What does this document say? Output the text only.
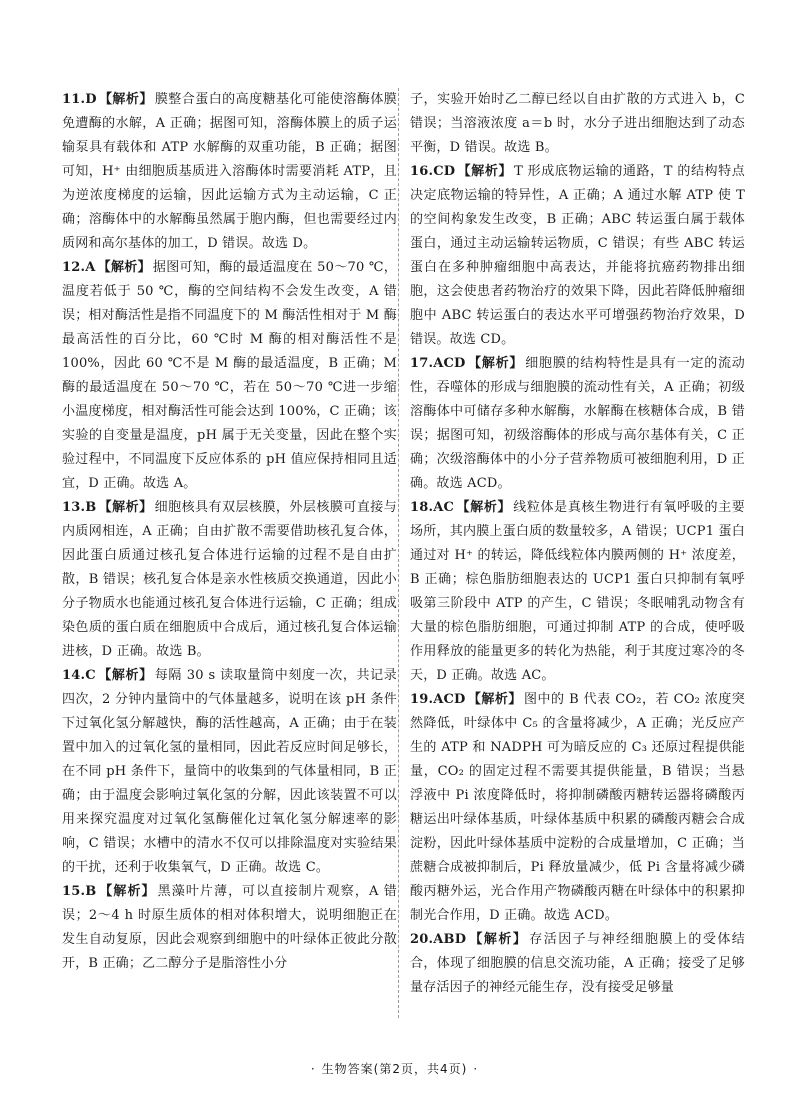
11.D 【解析】 膜整合蛋白的高度糖基化可能使溶酶体膜免遭酶的水解，A 正确；据图可知，溶酶体膜上的质子运输泵具有载体和 ATP 水解酶的双重功能，B 正确；据图可知，H⁺ 由细胞质基质进入溶酶体时需要消耗 ATP，且为逆浓度梯度的运输，因此运输方式为主动运输，C 正确；溶酶体中的水解酶虽然属于胞内酶，但也需要经过内质网和高尔基体的加工，D 错误。故选 D。

12.A 【解析】 据图可知，酶的最适温度在 50～70 ℃，温度若低于 50 ℃，酶的空间结构不会发生改变，A 错误；相对酶活性是指不同温度下的 M 酶活性相对于 M 酶最高活性的百分比，60 ℃时 M 酶的相对酶活性不是 100%，因此 60 ℃不是 M 酶的最适温度，B 正确；M 酶的最适温度在 50～70 ℃，若在 50～70 ℃进一步缩小温度梯度，相对酶活性可能会达到 100%，C 正确；该实验的自变量是温度，pH 属于无关变量，因此在整个实验过程中，不同温度下反应体系的 pH 值应保持相同且适宜，D 正确。故选 A。

13.B 【解析】 细胞核具有双层核膜，外层核膜可直接与内质网相连，A 正确；自由扩散不需要借助核孔复合体，因此蛋白质通过核孔复合体进行运输的过程不是自由扩散，B 错误；核孔复合体是亲水性核质交换通道，因此小分子物质水也能通过核孔复合体进行运输，C 正确；组成染色质的蛋白质在细胞质中合成后，通过核孔复合体运输进核，D 正确。故选 B。

14.C 【解析】 每隔 30 s 读取量筒中刻度一次，共记录四次，2 分钟内量筒中的气体量越多，说明在该 pH 条件下过氧化氢分解越快，酶的活性越高，A 正确；由于在装置中加入的过氧化氢的量相同，因此若反应时间足够长，在不同 pH 条件下，量筒中的收集到的气体量相同，B 正确；由于温度会影响过氧化氢的分解，因此该装置不可以用来探究温度对过氧化氢酶催化过氧化氢分解速率的影响，C 错误；水槽中的清水不仅可以排除温度对实验结果的干扰，还利于收集氧气，D 正确。故选 C。

15.B 【解析】 黑藻叶片薄，可以直接制片观察，A 错误；2～4 h 时原生质体的相对体积增大，说明细胞正在发生自动复原，因此会观察到细胞中的叶绿体正彼此分散开，B 正确；乙二醇分子是脂溶性小分

子，实验开始时乙二醇已经以自由扩散的方式进入 b，C 错误；当溶液浓度 a＝b 时，水分子进出细胞达到了动态平衡，D 错误。故选 B。

16.CD 【解析】 T 形成底物运输的通路，T 的结构特点决定底物运输的特异性，A 正确；A 通过水解 ATP 使 T 的空间构象发生改变，B 正确；ABC 转运蛋白属于载体蛋白，通过主动运输转运物质，C 错误；有些 ABC 转运蛋白在多种肿瘤细胞中高表达，并能将抗癌药物排出细胞，这会使患者药物治疗的效果下降，因此若降低肿瘤细胞中 ABC 转运蛋白的表达水平可增强药物治疗效果，D 错误。故选 CD。

17.ACD 【解析】 细胞膜的结构特性是具有一定的流动性，吞噬体的形成与细胞膜的流动性有关，A 正确；初级溶酶体中可储存多种水解酶，水解酶在核糖体合成，B 错误；据图可知，初级溶酶体的形成与高尔基体有关，C 正确；次级溶酶体中的小分子营养物质可被细胞利用，D 正确。故选 ACD。

18.AC 【解析】 线粒体是真核生物进行有氧呼吸的主要场所，其内膜上蛋白质的数量较多，A 错误；UCP1 蛋白通过对 H⁺ 的转运，降低线粒体内膜两侧的 H⁺ 浓度差，B 正确；棕色脂肪细胞表达的 UCP1 蛋白只抑制有氧呼吸第三阶段中 ATP 的产生，C 错误；冬眠哺乳动物含有大量的棕色脂肪细胞，可通过抑制 ATP 的合成，使呼吸作用释放的能量更多的转化为热能，利于其度过寒冷的冬天，D 正确。故选 AC。

19.ACD 【解析】 图中的 B 代表 CO₂，若 CO₂ 浓度突然降低，叶绿体中 C₅ 的含量将减少，A 正确；光反应产生的 ATP 和 NADPH 可为暗反应的 C₃ 还原过程提供能量，CO₂ 的固定过程不需要其提供能量，B 错误；当悬浮液中 Pi 浓度降低时，将抑制磷酸丙糖转运器将磷酸丙糖运出叶绿体基质，叶绿体基质中积累的磷酸丙糖会合成淀粉，因此叶绿体基质中淀粉的合成量增加，C 正确；当蔗糖合成被抑制后，Pi 释放量减少，低 Pi 含量将减少磷酸丙糖外运，光合作用产物磷酸丙糖在叶绿体中的积累抑制光合作用，D 正确。故选 ACD。

20.ABD 【解析】 存活因子与神经细胞膜上的受体结合，体现了细胞膜的信息交流功能，A 正确；接受了足够量存活因子的神经元能生存，没有接受足够量

· 生物答案(第2页，共4页) ·
